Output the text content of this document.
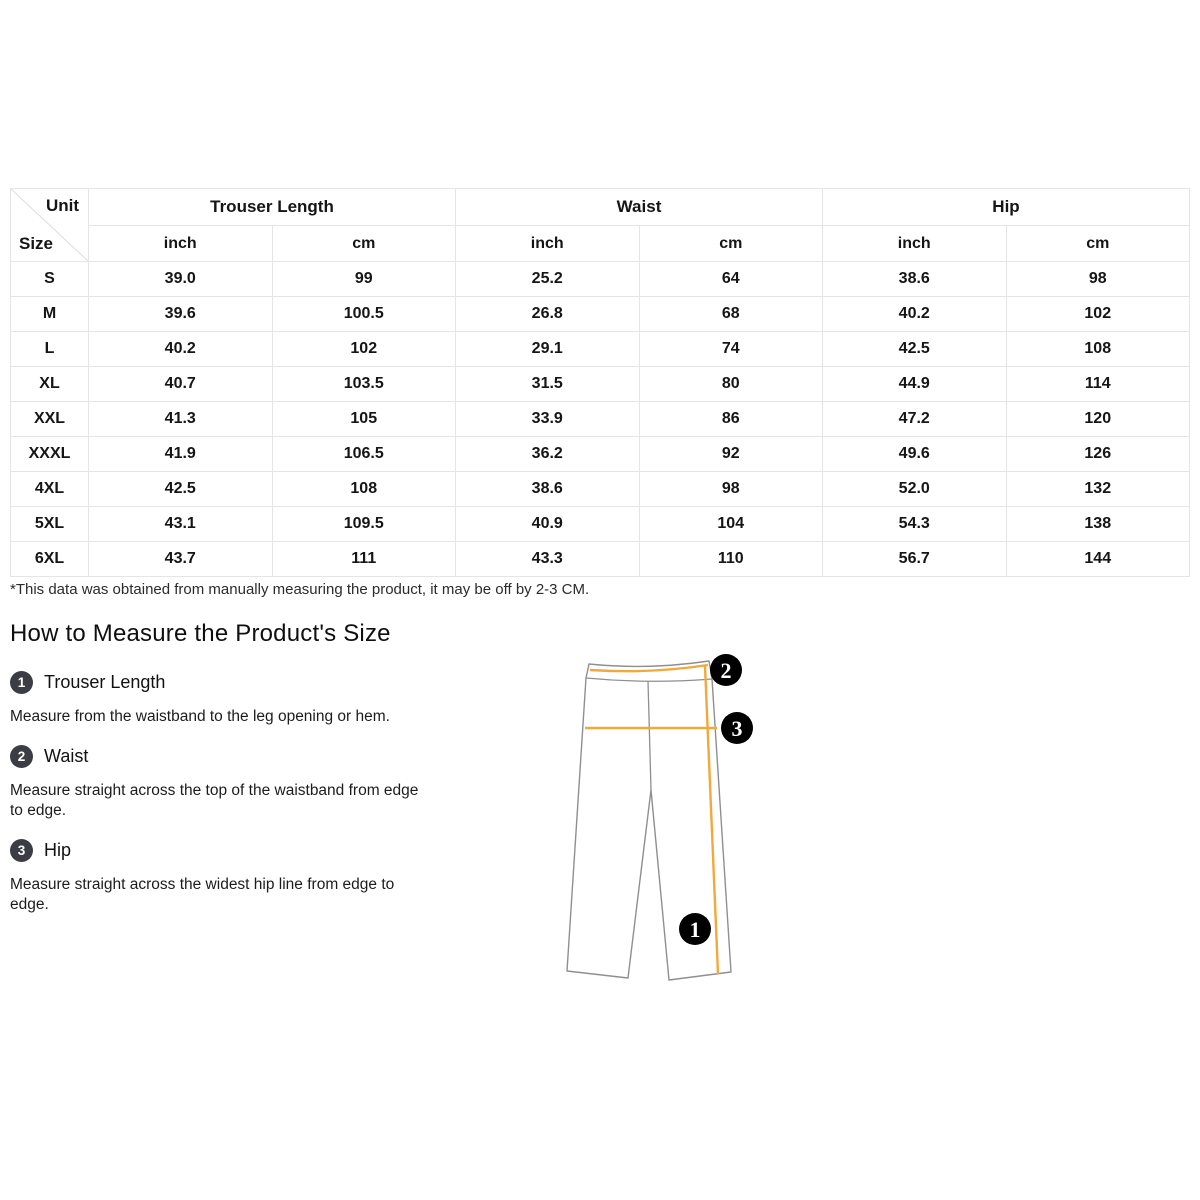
Unit
Size	Trouser Length		Waist		Hip	
	inch	cm	inch	cm	inch	cm
S	39.0	99	25.2	64	38.6	98
M	39.6	100.5	26.8	68	40.2	102
L	40.2	102	29.1	74	42.5	108
XL	40.7	103.5	31.5	80	44.9	114
XXL	41.3	105	33.9	86	47.2	120
XXXL	41.9	106.5	36.2	92	49.6	126
4XL	42.5	108	38.6	98	52.0	132
5XL	43.1	109.5	40.9	104	54.3	138
6XL	43.7	111	43.3	110	56.7	144

*This data was obtained from manually measuring the product, it may be off by 2-3 CM.

How to Measure the Product's Size
1	Trouser Length

Measure from the waistband to the leg opening or hem.

2	Waist

Measure straight across the top of the waistband from edge to edge.

3	Hip

Measure straight across the widest hip line from edge to edge.

2
3
1
